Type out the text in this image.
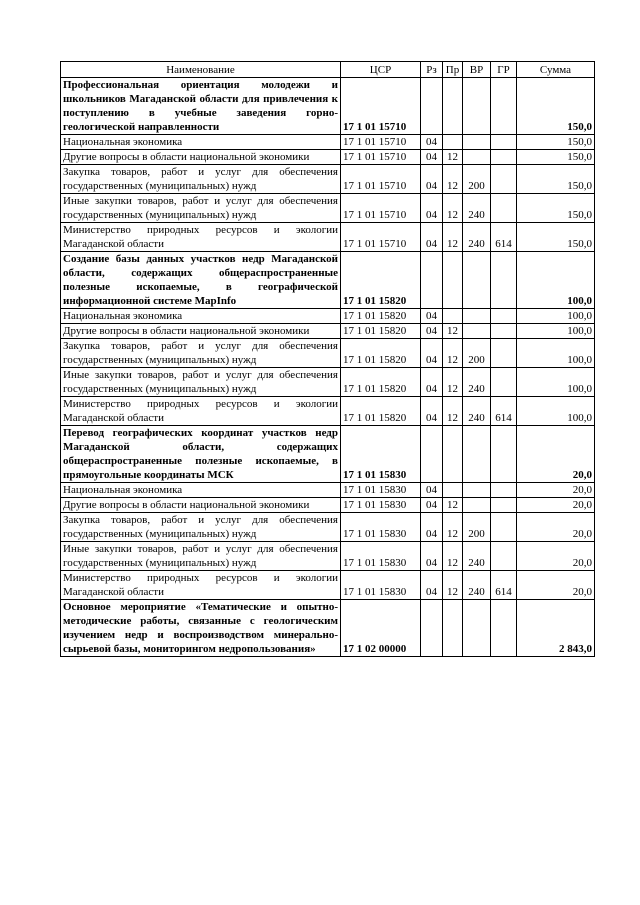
Наименование	ЦСР	Рз	Пр	ВР	ГР	Сумма
Профессиональная ориентация молодежи и школьников Магаданской области для привлечения к поступлению в учебные заведения горно-геологической направленности	17 1 01 15710					150,0
Национальная экономика	17 1 01 15710	04				150,0
Другие вопросы в области национальной экономики	17 1 01 15710	04	12			150,0
Закупка товаров, работ и услуг для обеспечения государственных (муниципальных) нужд	17 1 01 15710	04	12	200		150,0
Иные закупки товаров, работ и услуг для обеспечения государственных (муниципальных) нужд	17 1 01 15710	04	12	240		150,0
Министерство природных ресурсов и экологии Магаданской области	17 1 01 15710	04	12	240	614	150,0
Создание базы данных участков недр Магаданской области, содержащих общераспространенные полезные ископаемые, в географической информационной системе MapInfo	17 1 01 15820					100,0
Национальная экономика	17 1 01 15820	04				100,0
Другие вопросы в области национальной экономики	17 1 01 15820	04	12			100,0
Закупка товаров, работ и услуг для обеспечения государственных (муниципальных) нужд	17 1 01 15820	04	12	200		100,0
Иные закупки товаров, работ и услуг для обеспечения государственных (муниципальных) нужд	17 1 01 15820	04	12	240		100,0
Министерство природных ресурсов и экологии Магаданской области	17 1 01 15820	04	12	240	614	100,0
Перевод географических координат участков недр Магаданской области, содержащих общераспространенные полезные ископаемые, в прямоугольные координаты МСК	17 1 01 15830					20,0
Национальная экономика	17 1 01 15830	04				20,0
Другие вопросы в области национальной экономики	17 1 01 15830	04	12			20,0
Закупка товаров, работ и услуг для обеспечения государственных (муниципальных) нужд	17 1 01 15830	04	12	200		20,0
Иные закупки товаров, работ и услуг для обеспечения государственных (муниципальных) нужд	17 1 01 15830	04	12	240		20,0
Министерство природных ресурсов и экологии Магаданской области	17 1 01 15830	04	12	240	614	20,0
Основное мероприятие «Тематические и опытно-методические работы, связанные с геологическим изучением недр и воспроизводством минерально-сырьевой базы, мониторингом недропользования»	17 1 02 00000					2 843,0
